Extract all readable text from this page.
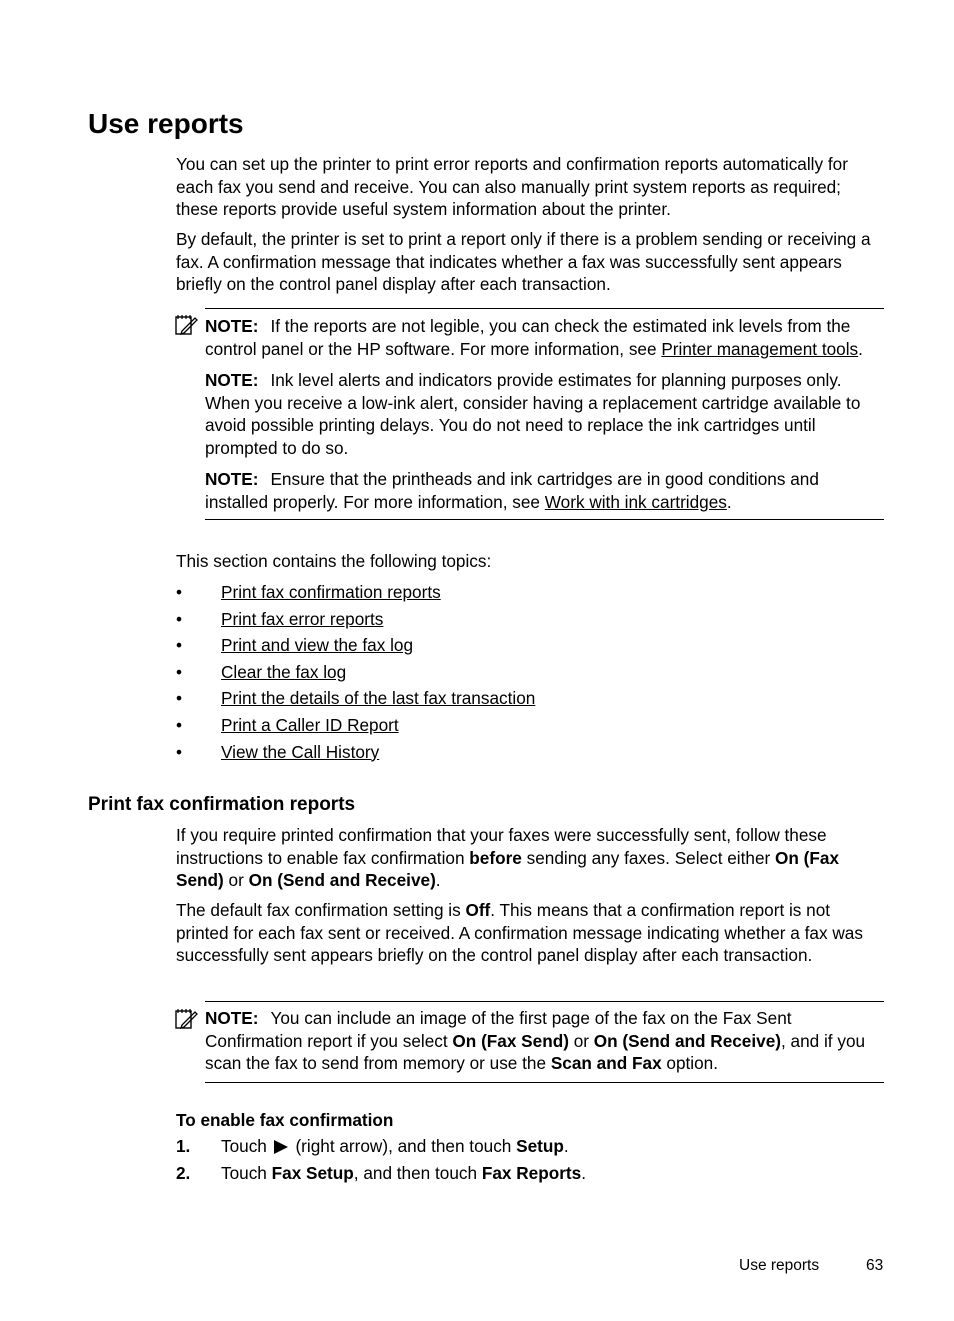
Use reports

You can set up the printer to print error reports and confirmation reports automatically for each fax you send and receive. You can also manually print system reports as required; these reports provide useful system information about the printer.

By default, the printer is set to print a report only if there is a problem sending or receiving a fax. A confirmation message that indicates whether a fax was successfully sent appears briefly on the control panel display after each transaction.

NOTE: If the reports are not legible, you can check the estimated ink levels from the control panel or the HP software. For more information, see Printer management tools.

NOTE: Ink level alerts and indicators provide estimates for planning purposes only. When you receive a low-ink alert, consider having a replacement cartridge available to avoid possible printing delays. You do not need to replace the ink cartridges until prompted to do so.

NOTE: Ensure that the printheads and ink cartridges are in good conditions and installed properly. For more information, see Work with ink cartridges.

This section contains the following topics:

•	Print fax confirmation reports
•	Print fax error reports
•	Print and view the fax log
•	Clear the fax log
•	Print the details of the last fax transaction
•	Print a Caller ID Report
•	View the Call History
Print fax confirmation reports

If you require printed confirmation that your faxes were successfully sent, follow these instructions to enable fax confirmation before sending any faxes. Select either On (Fax Send) or On (Send and Receive).

The default fax confirmation setting is Off. This means that a confirmation report is not printed for each fax sent or received. A confirmation message indicating whether a fax was successfully sent appears briefly on the control panel display after each transaction.

NOTE: You can include an image of the first page of the fax on the Fax Sent Confirmation report if you select On (Fax Send) or On (Send and Receive), and if you scan the fax to send from memory or use the Scan and Fax option.

To enable fax confirmation
1. Touch (right arrow), and then touch Setup.
2. Touch Fax Setup, and then touch Fax Reports.
Use reports	63
